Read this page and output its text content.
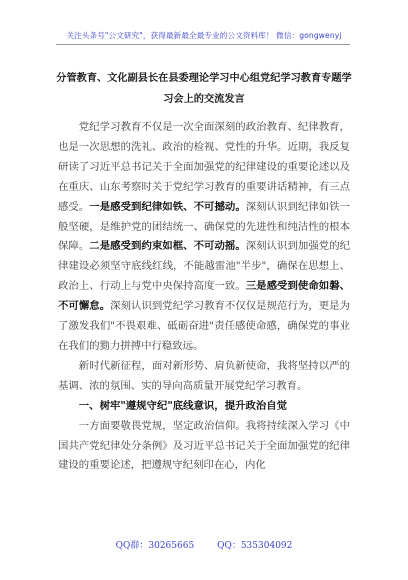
关注头条号"公文研究"，获得最新最全最专业的公文资料库！ 微信：gongwenyj
分管教育、文化副县长在县委理论学习中心组党纪学习教育专题学习会上的交流发言

党纪学习教育不仅是一次全面深刻的政治教育、纪律教育，也是一次思想的洗礼、政治的检视、党性的升华。近期，我反复研读了习近平总书记关于全面加强党的纪律建设的重要论述以及在重庆、山东考察时关于党纪学习教育的重要讲话精神，有三点感受。一是感受到纪律如铁、不可撼动。深刻认识到纪律如铁一般坚硬，是维护党的团结统一、确保党的先进性和纯洁性的根本保障。二是感受到约束如框、不可动摇。深刻认识到加强党的纪律建设必须坚守底线红线，不能越雷池"半步"，确保在思想上、政治上、行动上与党中央保持高度一致。三是感受到使命如磐、不可懈怠。深刻认识到党纪学习教育不仅仅是规范行为，更是为了激发我们"不畏艰难、砥砺奋进"责任感使命感，确保党的事业在我们的勠力拼搏中行稳致远。

新时代新征程，面对新形势、肩负新使命，我将坚持以严的基调、浓的氛围、实的导向高质量开展党纪学习教育。

一、树牢"遵规守纪"底线意识，提升政治自觉

一方面要敬畏党规，坚定政治信仰。我将持续深入学习《中国共产党纪律处分条例》及习近平总书记关于全面加强党的纪律建设的重要论述，把遵规守纪刻印在心，内化

QQ群：30265665	QQ：535304092
